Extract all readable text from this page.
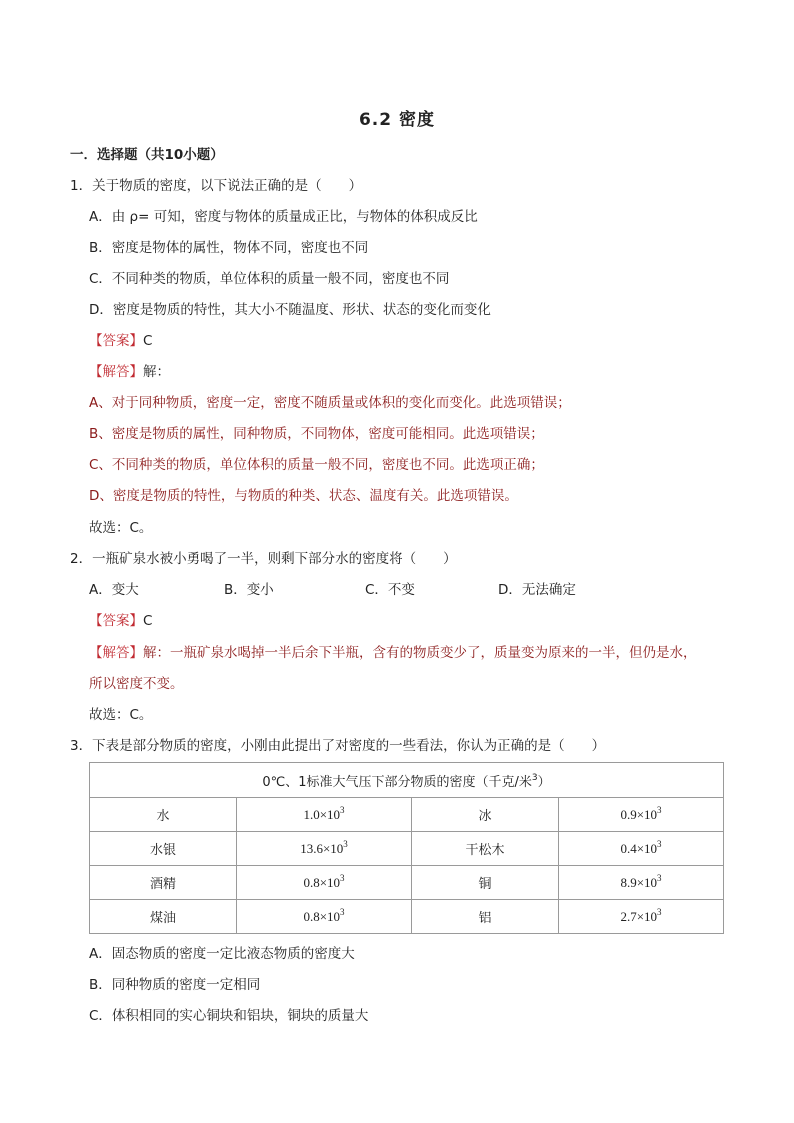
6.2 密度
一．选择题（共10小题）
1．关于物质的密度，以下说法正确的是（　　）
A．由 ρ= 可知，密度与物体的质量成正比，与物体的体积成反比
B．密度是物体的属性，物体不同，密度也不同
C．不同种类的物质，单位体积的质量一般不同，密度也不同
D．密度是物质的特性，其大小不随温度、形状、状态的变化而变化
【答案】C
【解答】解：
A、对于同种物质，密度一定，密度不随质量或体积的变化而变化。此选项错误；
B、密度是物质的属性，同种物质，不同物体，密度可能相同。此选项错误；
C、不同种类的物质，单位体积的质量一般不同，密度也不同。此选项正确；
D、密度是物质的特性，与物质的种类、状态、温度有关。此选项错误。
故选：C。
2．一瓶矿泉水被小勇喝了一半，则剩下部分水的密度将（　　）
A．变大	B．变小	C．不变	D．无法确定
【答案】C
【解答】解：一瓶矿泉水喝掉一半后余下半瓶，含有的物质变少了，质量变为原来的一半，但仍是水，
所以密度不变。
故选：C。
3．下表是部分物质的密度，小刚由此提出了对密度的一些看法，你认为正确的是（　　）
0℃、1标准大气压下部分物质的密度（千克/米$^3$）			
水	$1.0\times 10^3$	冰	$0.9\times 10^3$
水银	$13.6\times 10^3$	干松木	$0.4\times 10^3$
酒精	$0.8\times 10^3$	铜	$8.9\times 10^3$
煤油	$0.8\times 10^3$	铝	$2.7\times 10^3$
A．固态物质的密度一定比液态物质的密度大
B．同种物质的密度一定相同
C．体积相同的实心铜块和铝块，铜块的质量大
